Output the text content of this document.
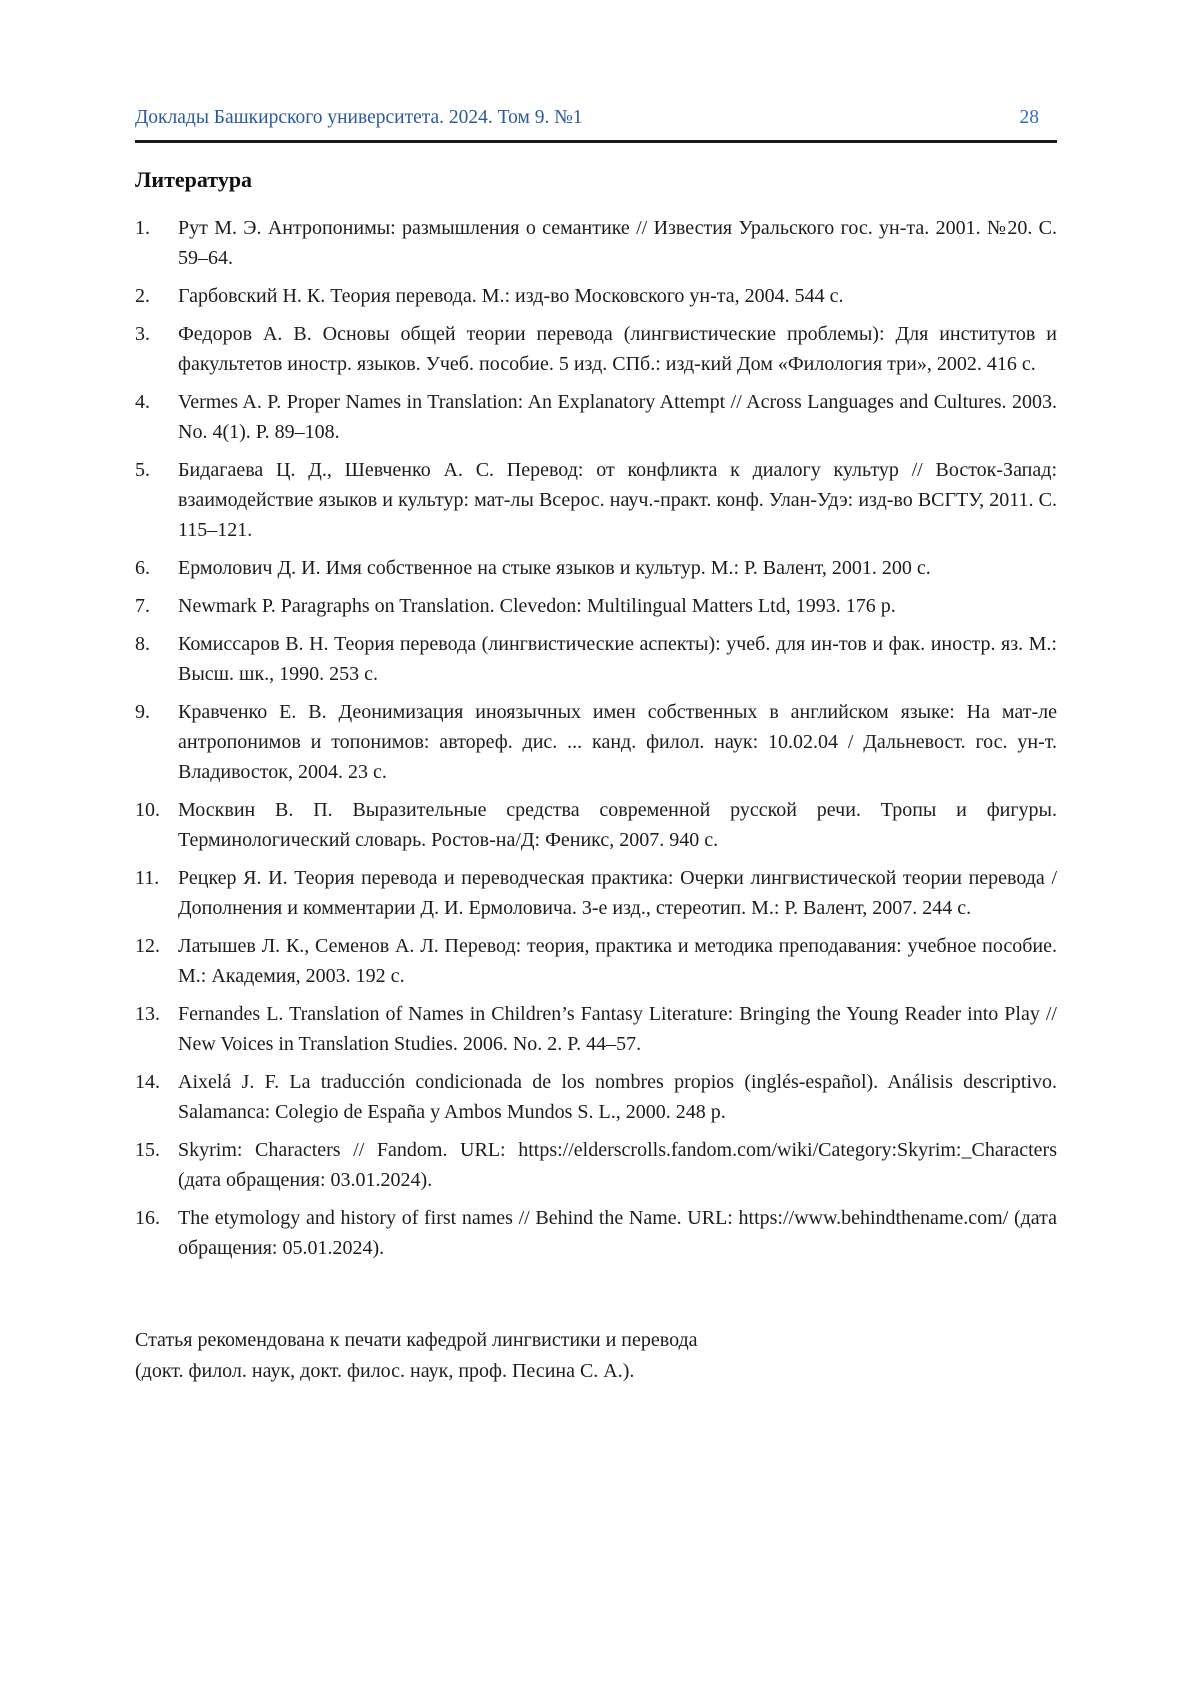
Доклады Башкирского университета. 2024. Том 9. №1	28
Литература
1.	Рут М. Э. Антропонимы: размышления о семантике // Известия Уральского гос. ун-та. 2001. №20. С. 59–64.
2.	Гарбовский Н. К. Теория перевода. М.: изд-во Московского ун-та, 2004. 544 с.
3.	Федоров А. В. Основы общей теории перевода (лингвистические проблемы): Для институтов и факультетов иностр. языков. Учеб. пособие. 5 изд. СПб.: изд-кий Дом «Филология три», 2002. 416 с.
4.	Vermes A. P. Proper Names in Translation: An Explanatory Attempt // Across Languages and Cultures. 2003. No. 4(1). P. 89–108.
5.	Бидагаева Ц. Д., Шевченко А. С. Перевод: от конфликта к диалогу культур // Восток-Запад: взаимодействие языков и культур: мат-лы Всерос. науч.-практ. конф. Улан-Удэ: изд-во ВСГТУ, 2011. С. 115–121.
6.	Ермолович Д. И. Имя собственное на стыке языков и культур. М.: Р. Валент, 2001. 200 с.
7.	Newmark P. Paragraphs on Translation. Clevedon: Multilingual Matters Ltd, 1993. 176 p.
8.	Комиссаров В. Н. Теория перевода (лингвистические аспекты): учеб. для ин-тов и фак. иностр. яз. М.: Высш. шк., 1990. 253 с.
9.	Кравченко Е. В. Деонимизация иноязычных имен собственных в английском языке: На мат-ле антропонимов и топонимов: автореф. дис. ... канд. филол. наук: 10.02.04 / Дальневост. гос. ун-т. Владивосток, 2004. 23 с.
10. Москвин В. П. Выразительные средства современной русской речи. Тропы и фигуры. Терминологический словарь. Ростов-на/Д: Феникс, 2007. 940 с.
11. Рецкер Я. И. Теория перевода и переводческая практика: Очерки лингвистической теории перевода / Дополнения и комментарии Д. И. Ермоловича. 3-е изд., стереотип. М.: Р. Валент, 2007. 244 с.
12. Латышев Л. К., Семенов А. Л. Перевод: теория, практика и методика преподавания: учебное пособие. М.: Академия, 2003. 192 с.
13. Fernandes L. Translation of Names in Children’s Fantasy Literature: Bringing the Young Reader into Play // New Voices in Translation Studies. 2006. No. 2. P. 44–57.
14. Aixelá J. F. La traducción condicionada de los nombres propios (inglés-español). Análisis descriptivo. Salamanca: Colegio de España y Ambos Mundos S. L., 2000. 248 p.
15. Skyrim: Characters // Fandom. URL: https://elderscrolls.fandom.com/wiki/Category:Skyrim:_Characters (дата обращения: 03.01.2024).
16. The etymology and history of first names // Behind the Name. URL: https://www.behindthename.com/ (дата обращения: 05.01.2024).
Статья рекомендована к печати кафедрой лингвистики и перевода
(докт. филол. наук, докт. филос. наук, проф. Песина С. А.).
